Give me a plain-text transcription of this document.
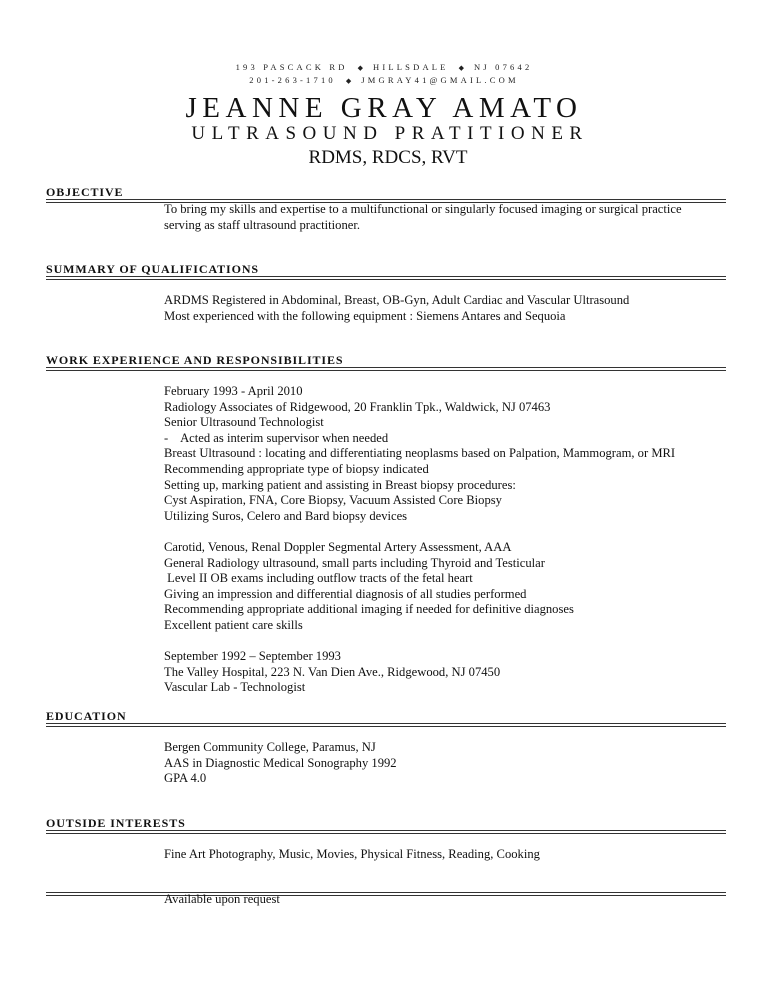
193 PASCACK RD ◆ HILLSDALE ◆ NJ 07642
201-263-1710 ◆ JMGRAY41@GMAIL.COM
JEANNE GRAY AMATO
ULTRASOUND PRATITIONER
RDMS, RDCS, RVT
OBJECTIVE
To bring my skills and expertise to a multifunctional or singularly focused imaging or surgical practice
serving as staff ultrasound practitioner.
SUMMARY OF QUALIFICATIONS
ARDMS Registered in Abdominal, Breast, OB-Gyn, Adult Cardiac and Vascular Ultrasound
Most experienced with the following equipment : Siemens Antares and Sequoia
WORK EXPERIENCE AND RESPONSIBILITIES
February 1993 - April 2010
Radiology Associates of Ridgewood, 20 Franklin Tpk., Waldwick, NJ 07463
Senior Ultrasound Technologist
-    Acted as interim supervisor when needed
Breast Ultrasound : locating and differentiating neoplasms based on Palpation, Mammogram, or MRI
Recommending appropriate type of biopsy indicated
Setting up, marking patient and assisting in Breast biopsy procedures:
Cyst Aspiration, FNA, Core Biopsy, Vacuum Assisted Core Biopsy
Utilizing Suros, Celero and Bard biopsy devices
Carotid, Venous, Renal Doppler Segmental Artery Assessment, AAA
General Radiology ultrasound, small parts including Thyroid and Testicular
Level II OB exams including outflow tracts of the fetal heart
Giving an impression and differential diagnosis of all studies performed
Recommending appropriate additional imaging if needed for definitive diagnoses
Excellent patient care skills
September 1992 – September 1993
The Valley Hospital, 223 N. Van Dien Ave., Ridgewood, NJ 07450
Vascular Lab - Technologist
EDUCATION
Bergen Community College, Paramus, NJ
AAS in Diagnostic Medical Sonography 1992
GPA 4.0
OUTSIDE INTERESTS
Fine Art Photography, Music, Movies, Physical Fitness, Reading, Cooking
Available upon request
